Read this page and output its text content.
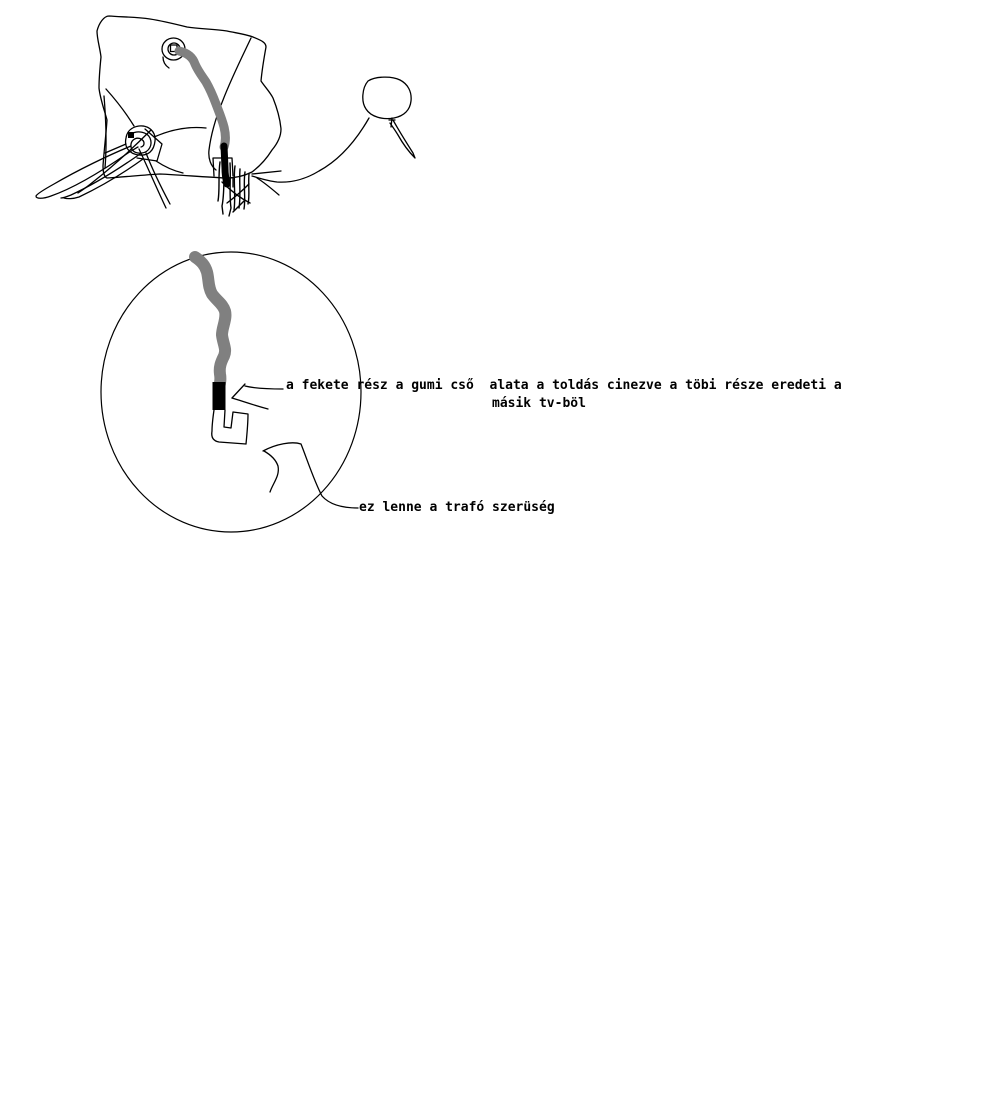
a fekete rész a gumi cső  alata a toldás cinezve a töbi része eredeti a
másik tv-böl
ez lenne a trafó szerüség
